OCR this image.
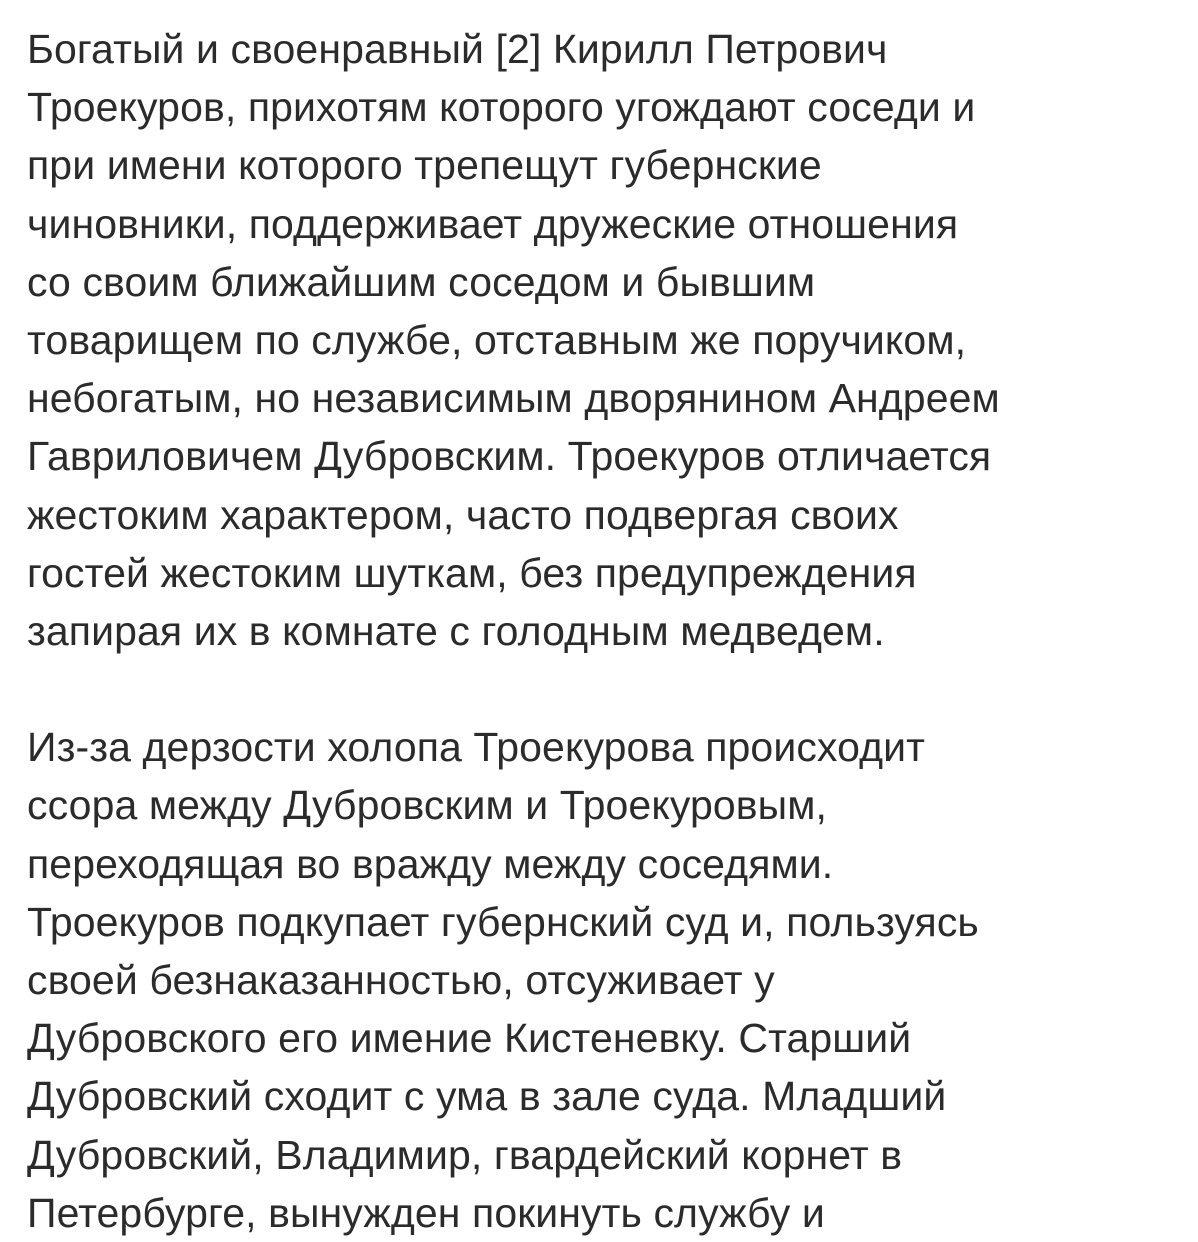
Богатый и своенравный [2] Кирилл Петрович
Троекуров, прихотям которого угождают соседи и
при имени которого трепещут губернские
чиновники, поддерживает дружеские отношения
со своим ближайшим соседом и бывшим
товарищем по службе, отставным же поручиком,
небогатым, но независимым дворянином Андреем
Гавриловичем Дубровским. Троекуров отличается
жестоким характером, часто подвергая своих
гостей жестоким шуткам, без предупреждения
запирая их в комнате с голодным медведем.
Из-за дерзости холопа Троекурова происходит
ссора между Дубровским и Троекуровым,
переходящая во вражду между соседями.
Троекуров подкупает губернский суд и, пользуясь
своей безнаказанностью, отсуживает у
Дубровского его имение Кистеневку. Старший
Дубровский сходит с ума в зале суда. Младший
Дубровский, Владимир, гвардейский корнет в
Петербурге, вынужден покинуть службу и
